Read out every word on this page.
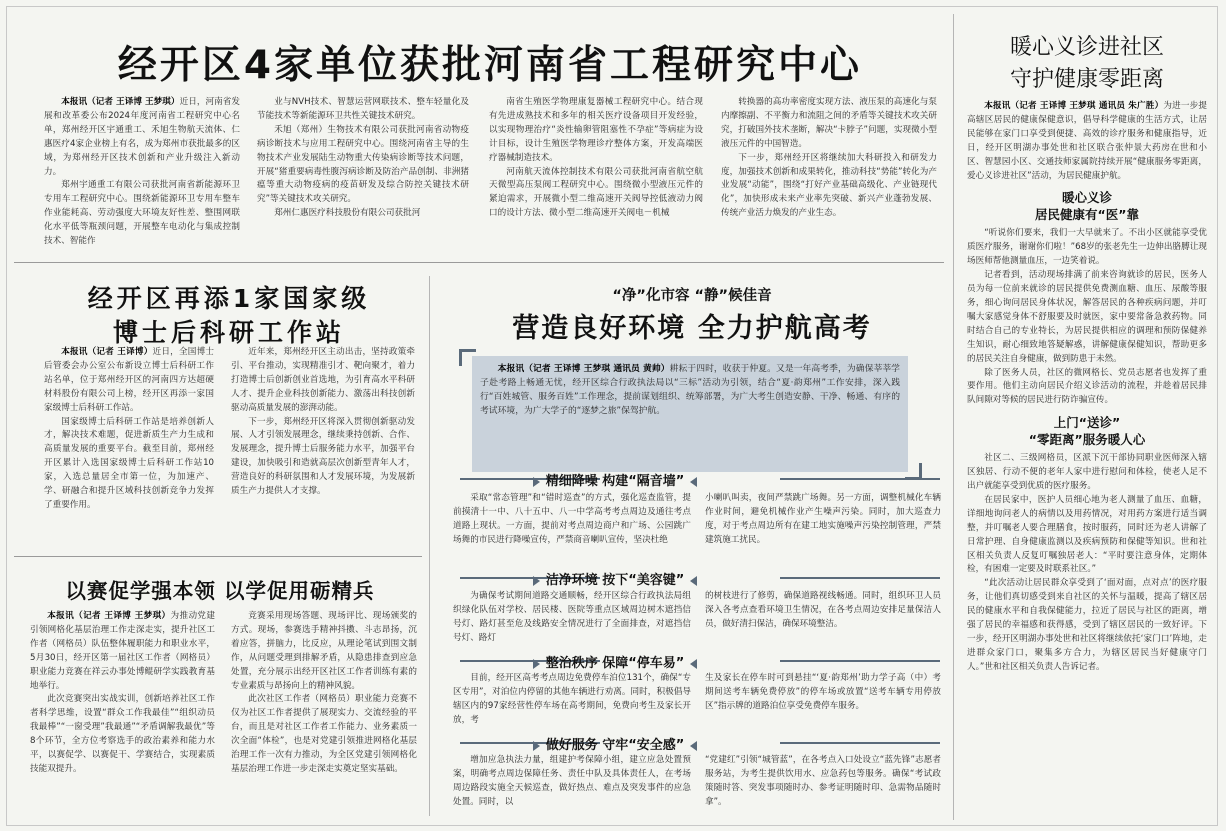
经开区4家单位获批河南省工程研究中心

本报讯（记者 王译博 王梦琪）近日，河南省发展和改革委公布2024年度河南省工程研究中心名单，郑州经开区宇通重工、禾旭生物航天流体、仁惠医疗4家企业榜上有名，成为郑州市获批最多的区域，为郑州经开区技术创新和产业升级注入新动力。

郑州宇通重工有限公司获批河南省新能源环卫专用车工程研究中心。围绕新能源环卫专用车整车作业能耗高、劳动强度大环境友好性差、整围网联化水平低等瓶颈问题，开展整车电动化与集成控制技术、智能作

业与NVH技术、智慧运营网联技术、整车轻量化及节能技术等新能源环卫共性关键技术研究。

禾旭（郑州）生物技术有限公司获批河南省动物疫病诊断技术与应用工程研究中心。围绕河南省主导的生物技术产业发展陆生动物重大传染病诊断等技术问题，开展“猪重要病毒性腹泻病诊断及防治产品创制、非洲猪瘟等重大动物疫病的疫苗研发及综合防控关键技术研究”等关键技术攻关研究。

郑州仁惠医疗科技股份有限公司获批河

南省生殖医学物理康复器械工程研究中心。结合现有先进成熟技术和多年的相关医疗设备项目开发经验，以实现物理治疗“炎性输卵管阻塞性不孕症”等病症为设计目标，设计生殖医学物理诊疗整体方案，开发高端医疗器械制造技术。

河南航天流体控制技术有限公司获批河南省航空航天微型高压泵阀工程研究中心。围绕微小型液压元件的紧迫需求，开展微小型二维高速开关阀导控低液动力阀口的设计方法、微小型二维高速开关阀电－机械

转换器的高功率密度实现方法、液压泵的高速化与泵内摩擦副、不平衡力和流阻之间的矛盾等关键技术攻关研究，打破国外技术垄断，解决“卡脖子”问题，实现微小型液压元件的中国智造。

下一步，郑州经开区将继续加大科研投入和研发力度，加强技术创新和成果转化，推动科技“势能”转化为产业发展“动能”，围绕“打好产业基础高级化、产业链现代化”，加快形成未来产业率先突破、新兴产业蓬勃发展、传统产业活力焕发的产业生态。

经开区再添1家国家级
博士后科研工作站

本报讯（记者 王译博）近日，全国博士后管委会办公室公布新设立博士后科研工作站名单，位于郑州经开区的河南四方达超硬材料股份有限公司上榜，经开区再添一家国家级博士后科研工作站。

国家级博士后科研工作站是培养创新人才，解决技术难题，促进新质生产力生成和高质量发展的重要平台。截至目前，郑州经开区累计入选国家级博士后科研工作站10家，入选总量居全市第一位，为加速产、学、研融合和提升区域科技创新竞争力发挥了重要作用。

近年来，郑州经开区主动出击，坚持政策牵引、平台推动，实现精准引才、靶向聚才，着力打造博士后创新创业首选地，为引育高水平科研人才、提升企业科技创新能力、激荡出科技创新驱动高质量发展的澎湃动能。

下一步，郑州经开区将深入贯彻创新驱动发展、人才引领发展理念，继续秉持创新、合作、发展理念，提升博士后服务能力水平，加强平台建设，加快吸引和造就高层次创新型青年人才，营造良好的科研氛围和人才发展环境，为发展新质生产力提供人才支撑。

以赛促学强本领 以学促用砺精兵

本报讯（记者 王译博 王梦琪）为推动党建引领网格化基层治理工作走深走实，提升社区工作者（网格员）队伍整体履职能力和职业水平，5月30日，经开区第一届社区工作者（网格员）职业能力竞赛在祥云办事处博鲲研学实践教育基地举行。

此次竞赛突出实战实训，创新培养社区工作者科学思维，设置“群众工作我最佳”“组织动员我最棒”“一窗受理”我最通”“矛盾调解我最优”等8个环节，全方位考察选手的政治素养和能力水平，以赛促学、以赛促干、学赛结合，实现素质技能双提升。

竞赛采用现场答题、现场评比、现场颁奖的方式。现场，参赛选手精神抖擞、斗志昂扬，沉着应答，拼脑力，比反应，从理论笔试到围文制作，从问题受理到排解矛盾，从隐患排查到应急处置，充分展示出经开区社区工作者训练有素的专业素质与昂扬向上的精神风貌。

此次社区工作者（网格员）职业能力竞赛不仅为社区工作者提供了展现实力、交流经验的平台，而且是对社区工作者工作能力、业务素质一次全面“体检”，也是对党建引领推进网格化基层治理工作一次有力推动，为全区党建引领网格化基层治理工作进一步走深走实奠定坚实基础。

“净”化市容 “静”候佳音
营造良好环境 全力护航高考

本报讯（记者 王译博 王梦琪 通讯员 黄帅）耕耘于四时，收获于仲夏。又是一年高考季，为确保莘莘学子赴考路上畅通无忧，经开区综合行政执法局以“三标”活动为引领，结合“夏·韵郑州”工作安排，深入践行“百姓城管、服务百姓”工作理念，提前谋划组织、统筹部署，为广大考生创造安静、干净、畅通、有序的考试环境，为广大学子的“逐梦之旅”保驾护航。

精细降噪 构建“隔音墙”

采取“常态管理”和“错时巡查”的方式，强化巡查监管，提前摸清十一中、八十五中、八一中学高考考点周边及通往考点道路上现状。一方面，提前对考点周边商户和广场、公园跳广场舞的市民进行降噪宣传，严禁商音喇叭宣传，坚决杜绝

小喇叭叫卖，夜间严禁跳广场舞。另一方面，调整机械化车辆作业时间，避免机械作业产生噪声污染。同时，加大巡查力度，对于考点周边所有在建工地实施噪声污染控制管理，严禁建筑施工扰民。

洁净环境 按下“美容键”

为确保考试期间道路交通顺畅，经开区综合行政执法局组织绿化队伍对学校、居民楼、医院等重点区域周边树木遮挡信号灯、路灯甚至危及线路安全情况进行了全面排查，对遮挡信号灯、路灯

的树枝进行了修剪，确保道路视线畅通。同时，组织环卫人员深入各考点查看环境卫生情况，在各考点周边安排足量保洁人员，做好清扫保洁，确保环境整洁。

整治秩序 保障“停车易”

目前，经开区高考考点周边免费停车泊位131个，确保“专区专用”，对泊位内停留的其他车辆进行劝离。同时，积极倡导辖区内的97家经营性停车场在高考期间，免费向考生及家长开放，考

生及家长在停车时可到悬挂“‘夏·韵郑州’助力学子高（中）考期间送考车辆免费停放”的停车场或放置“送考车辆专用停放区”指示牌的道路泊位享受免费停车服务。

做好服务 守牢“安全感”

增加应急执法力量，组建护考保障小组，建立应急处置预案，明确考点周边保障任务、责任中队及具体责任人，在考场周边路段实施全天候巡查，做好热点、难点及突发事件的应急处置。同时，以

“党建红”引领“城管蓝”，在各考点入口处设立“蓝先锋”志愿者服务站，为考生提供饮用水、应急药包等服务。确保“考试政策随时答、突发事项随时办、参考证明随时印、急需物品随时拿”。

暖心义诊进社区
守护健康零距离

本报讯（记者 王译博 王梦琪 通讯员 朱广胜）为进一步提高辖区居民的健康保健意识，倡导科学健康的生活方式，让居民能够在家门口享受到便捷、高效的诊疗服务和健康指导，近日，经开区明湖办事处世和社区联合张仲景大药房在世和小区、智慧园小区、交通技师家属院持续开展“健康服务零距离，爱心义诊进社区”活动，为居民健康护航。

暖心义诊
居民健康有“医”靠

“听说你们要来，我们一大早就来了。不出小区就能享受优质医疗服务，谢谢你们啦！”68岁的张老先生一边伸出胳膊让现场医师帮他测量血压，一边笑着说。

记者看到，活动现场排满了前来咨询就诊的居民，医务人员为每一位前来就诊的居民提供免费测血糖、血压、尿酸等服务，细心询问居民身体状况，解答居民的各种疾病问题，并叮嘱大家感觉身体不舒服要及时就医，家中要常备急救药物。同时结合自己的专业特长，为居民提供相应的调理和预防保健养生知识，耐心细致地答疑解惑，讲解健康保健知识，帮助更多的居民关注自身健康，做到防患于未然。

除了医务人员，社区的微网格长、党员志愿者也发挥了重要作用。他们主动向居民介绍义诊活动的流程，并趁着居民排队间隙对等候的居民进行防诈骗宣传。

上门“送诊”
“零距离”服务暖人心

社区二、三级网格员，区派下沉干部协同职业医师深入辖区独居、行动不便的老年人家中进行慰问和体检，使老人足不出户就能享受到优质的医疗服务。

在居民家中，医护人员细心地为老人测量了血压、血糖，详细地询问老人的病情以及用药情况，对用药方案进行适当调整，并叮嘱老人要合理膳食，按时服药，同时还为老人讲解了日常护理、自身健康监测以及疾病预防和保健等知识。世和社区相关负责人反复叮嘱独居老人：“平时要注意身体，定期体检，有困难一定要及时联系社区。”

“此次活动让居民群众享受到了‘面对面，点对点’的医疗服务，让他们真切感受到来自社区的关怀与温暖，提高了辖区居民的健康水平和自我保健能力，拉近了居民与社区的距离，增强了居民的幸福感和获得感，受到了辖区居民的一致好评。下一步，经开区明湖办事处世和社区将继续依托‘家门口’阵地，走进群众家门口，聚集多方合力，为辖区居民当好健康守门人。”世和社区相关负责人告诉记者。
